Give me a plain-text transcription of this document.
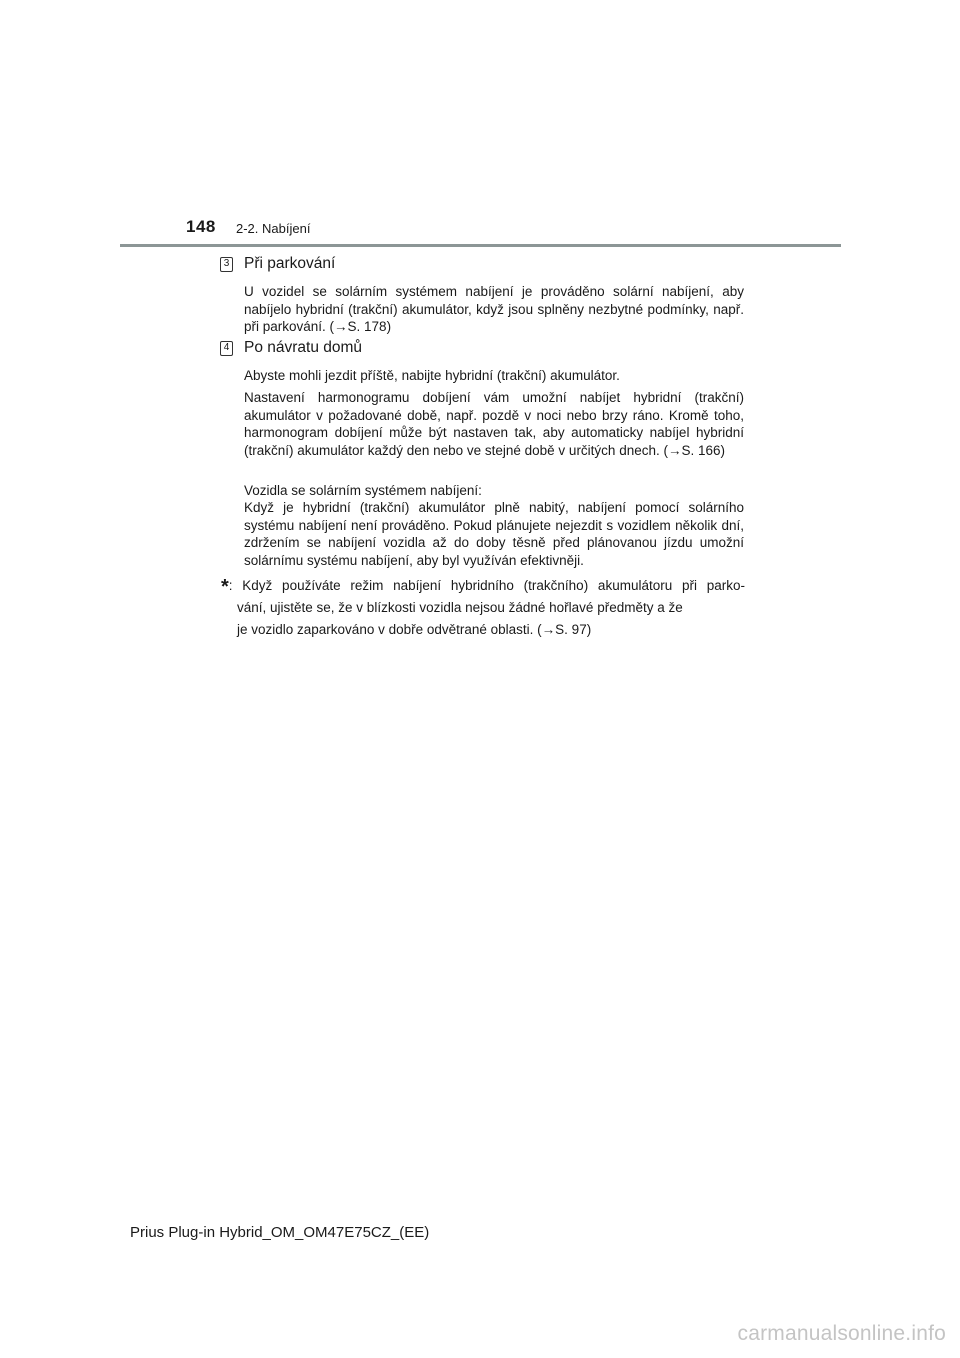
148 2-2. Nabíjení
3 Při parkování

U vozidel se solárním systémem nabíjení je prováděno solární nabíjení, aby nabíjelo hybridní (trakční) akumulátor, když jsou splněny nezbytné podmínky, např. při parkování. (→S. 178)

4 Po návratu domů

Abyste mohli jezdit příště, nabijte hybridní (trakční) akumulátor.

Nastavení harmonogramu dobíjení vám umožní nabíjet hybridní (trakční) akumulátor v požadované době, např. pozdě v noci nebo brzy ráno. Kromě toho, harmonogram dobíjení může být nastaven tak, aby automaticky nabíjel hybridní (trakční) akumulátor každý den nebo ve stejné době v určitých dnech. (→S. 166)

Vozidla se solárním systémem nabíjení:

Když je hybridní (trakční) akumulátor plně nabitý, nabíjení pomocí solárního systému nabíjení není prováděno. Pokud plánujete nejezdit s vozidlem několik dní, zdržením se nabíjení vozidla až do doby těsně před plánovanou jízdu umožní solárnímu systému nabíjení, aby byl využíván efektivněji.

*: Když používáte režim nabíjení hybridního (trakčního) akumulátoru při parko-
vání, ujistěte se, že v blízkosti vozidla nejsou žádné hořlavé předměty a že
je vozidlo zaparkováno v dobře odvětrané oblasti. (→S. 97)
Prius Plug-in Hybrid_OM_OM47E75CZ_(EE)
carmanualsonline.info
